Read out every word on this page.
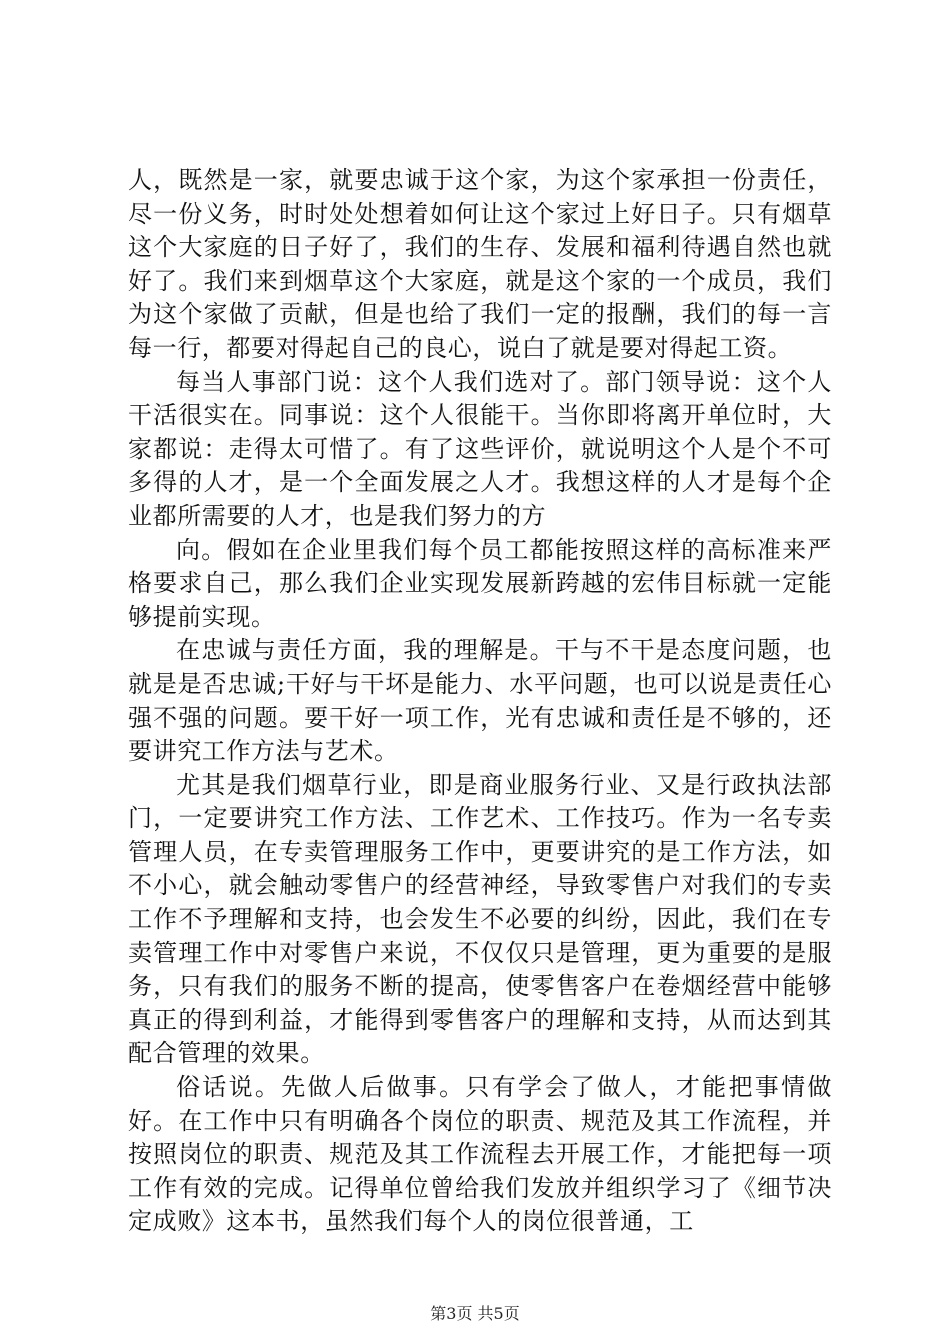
人，既然是一家，就要忠诚于这个家，为这个家承担一份责任，尽一份义务，时时处处想着如何让这个家过上好日子。只有烟草这个大家庭的日子好了，我们的生存、发展和福利待遇自然也就好了。我们来到烟草这个大家庭，就是这个家的一个成员，我们为这个家做了贡献，但是也给了我们一定的报酬，我们的每一言每一行，都要对得起自己的良心，说白了就是要对得起工资。

每当人事部门说：这个人我们选对了。部门领导说：这个人干活很实在。同事说：这个人很能干。当你即将离开单位时，大家都说：走得太可惜了。有了这些评价，就说明这个人是个不可多得的人才，是一个全面发展之人才。我想这样的人才是每个企业都所需要的人才，也是我们努力的方

向。假如在企业里我们每个员工都能按照这样的高标准来严格要求自己，那么我们企业实现发展新跨越的宏伟目标就一定能够提前实现。

在忠诚与责任方面，我的理解是。干与不干是态度问题，也就是是否忠诚;干好与干坏是能力、水平问题，也可以说是责任心强不强的问题。要干好一项工作，光有忠诚和责任是不够的，还要讲究工作方法与艺术。

尤其是我们烟草行业，即是商业服务行业、又是行政执法部门，一定要讲究工作方法、工作艺术、工作技巧。作为一名专卖管理人员，在专卖管理服务工作中，更要讲究的是工作方法，如不小心，就会触动零售户的经营神经，导致零售户对我们的专卖工作不予理解和支持，也会发生不必要的纠纷，因此，我们在专卖管理工作中对零售户来说，不仅仅只是管理，更为重要的是服务，只有我们的服务不断的提高，使零售客户在卷烟经营中能够真正的得到利益，才能得到零售客户的理解和支持，从而达到其配合管理的效果。

俗话说。先做人后做事。只有学会了做人，才能把事情做好。在工作中只有明确各个岗位的职责、规范及其工作流程，并按照岗位的职责、规范及其工作流程去开展工作，才能把每一项工作有效的完成。记得单位曾给我们发放并组织学习了《细节决定成败》这本书，虽然我们每个人的岗位很普通，工

第3页 共5页
